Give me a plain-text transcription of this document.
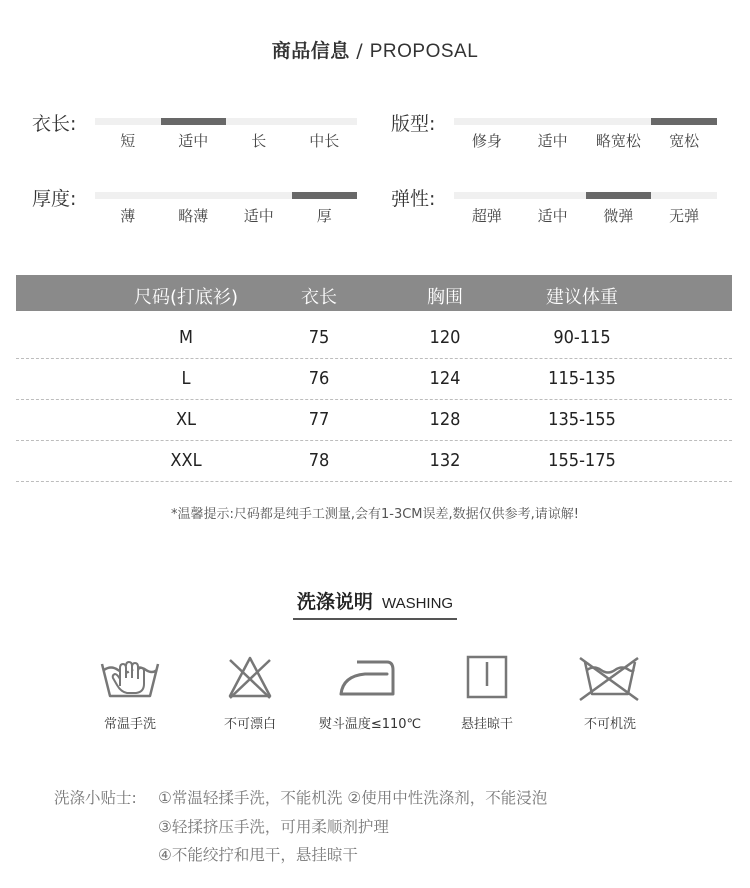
商品信息 / PROPOSAL
衣长:
短	适中	长	中长
版型:
修身	适中	略宽松	宽松
厚度:
薄	略薄	适中	厚
弹性:
超弹	适中	微弹	无弹
尺码(打底衫)	衣长	胸围	建议体重
M	75	120	90-115
L	76	124	115-135
XL	77	128	135-155
XXL	78	132	155-175
*温馨提示:尺码都是纯手工测量,会有1-3CM误差,数据仅供参考,请谅解!
洗涤说明 WASHING
常温手洗	不可漂白	熨斗温度≤110℃	悬挂晾干	不可机洗
洗涤小贴士: ①常温轻揉手洗，不能机洗 ②使用中性洗涤剂，不能浸泡
③轻揉挤压手洗，可用柔顺剂护理
④不能绞拧和甩干，悬挂晾干
